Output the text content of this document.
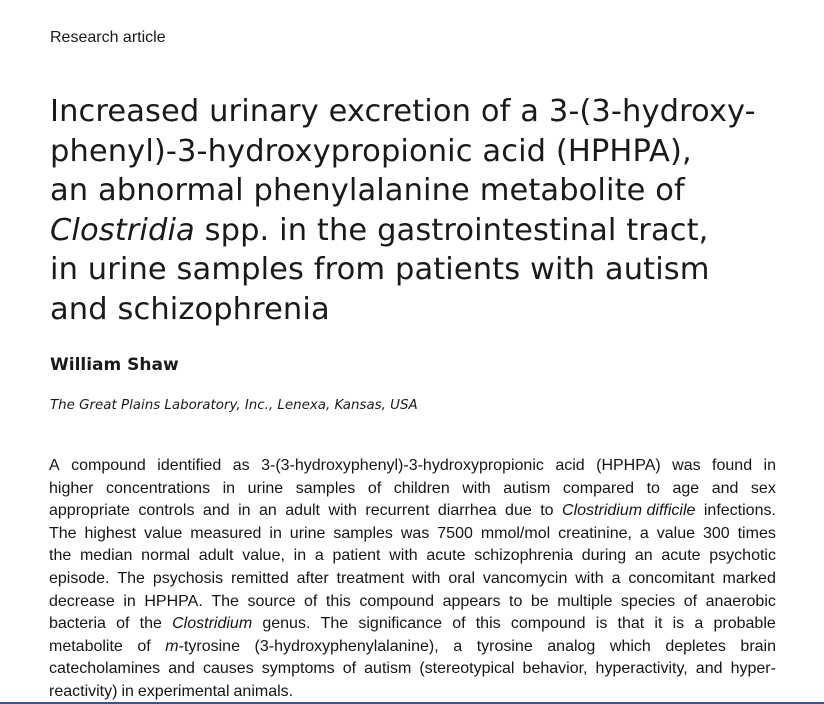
Research article
Increased urinary excretion of a 3-(3-hydroxy-
phenyl)-3-hydroxypropionic acid (HPHPA),
an abnormal phenylalanine metabolite of
Clostridia spp. in the gastrointestinal tract,
in urine samples from patients with autism
and schizophrenia
William Shaw
The Great Plains Laboratory, Inc., Lenexa, Kansas, USA
A compound identified as 3-(3-hydroxyphenyl)-3-hydroxypropionic acid (HPHPA) was found in
higher concentrations in urine samples of children with autism compared to age and sex
appropriate controls and in an adult with recurrent diarrhea due to Clostridium difficile infections.
The highest value measured in urine samples was 7500 mmol/mol creatinine, a value 300 times
the median normal adult value, in a patient with acute schizophrenia during an acute psychotic
episode. The psychosis remitted after treatment with oral vancomycin with a concomitant marked
decrease in HPHPA. The source of this compound appears to be multiple species of anaerobic
bacteria of the Clostridium genus. The significance of this compound is that it is a probable
metabolite of m-tyrosine (3-hydroxyphenylalanine), a tyrosine analog which depletes brain
catecholamines and causes symptoms of autism (stereotypical behavior, hyperactivity, and hyper-
reactivity) in experimental animals.
